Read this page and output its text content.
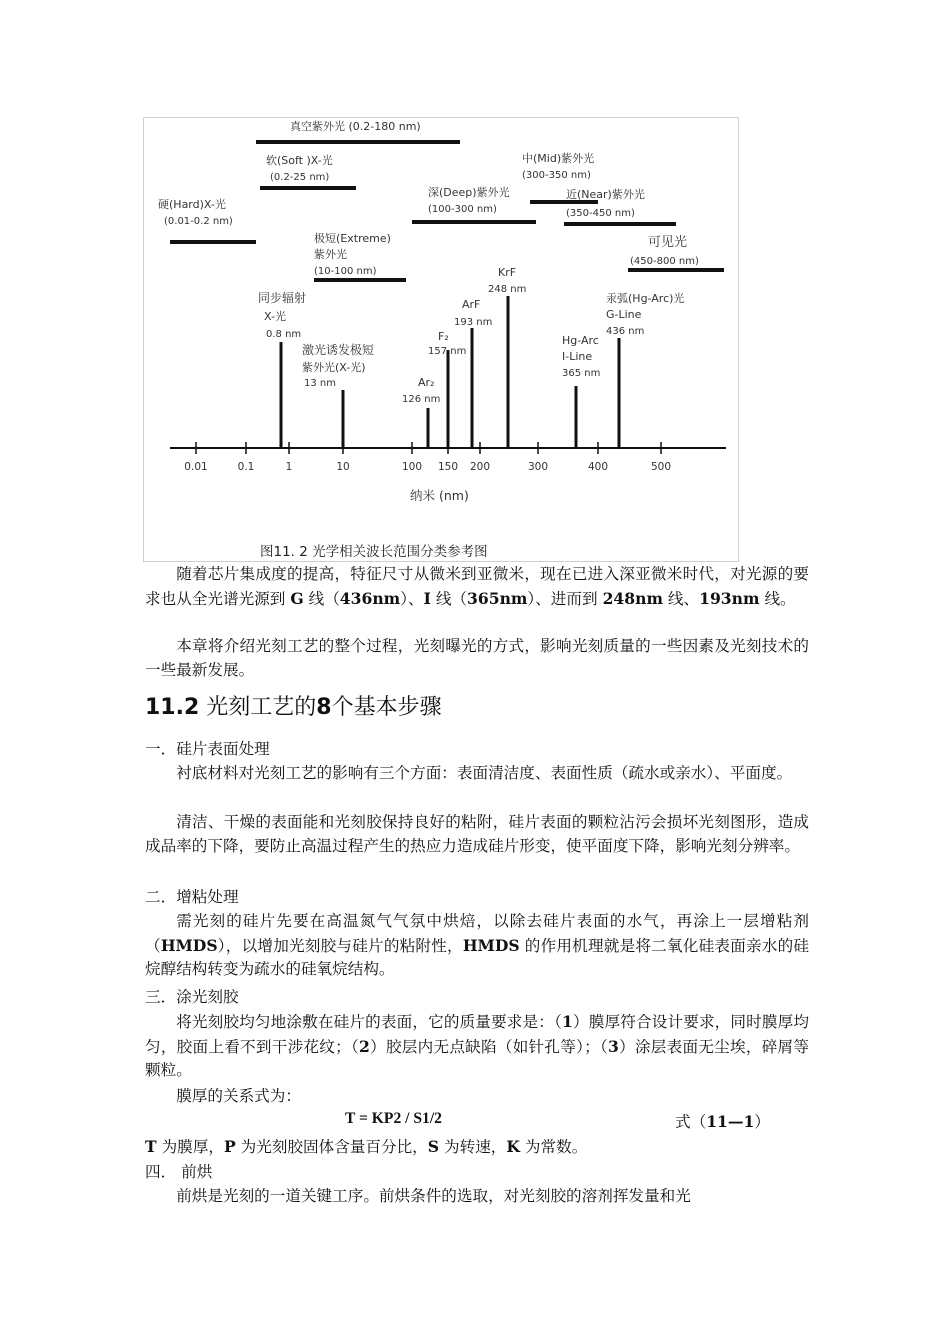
真空紫外光 (0.2-180 nm)
软(Soft )X-光
(0.2-25 nm)
硬(Hard)X-光
(0.01-0.2 nm)
深(Deep)紫外光
(100-300 nm)
中(Mid)紫外光
(300-350 nm)
近(Near)紫外光
(350-450 nm)
极短(Extreme)
紫外光
(10-100 nm)
可见光
(450-800 nm)
同步辐射
X-光
0.8 nm
激光诱发极短
紫外光(X-光)
13 nm	Ar₂
126 nm
F₂
157 nm
ArF
193 nm
KrF
248 nm
Hg-Arc
I-Line
365 nm
汞弧(Hg-Arc)光
G-Line
436 nm
0.01	0.1	1	10	100 150 200	300	400	500
纳米 (nm)
图11. 2 光学相关波长范围分类参考图

随着芯片集成度的提高，特征尺寸从微米到亚微米，现在已进入深亚微米时代，对光源的要求也从全光谱光源到 G 线（436nm）、I 线（365nm）、进而到 248nm 线、193nm 线。

本章将介绍光刻工艺的整个过程，光刻曝光的方式，影响光刻质量的一些因素及光刻技术的一些最新发展。

11.2 光刻工艺的8个基本步骤

一．硅片表面处理

衬底材料对光刻工艺的影响有三个方面：表面清洁度、表面性质（疏水或亲水）、平面度。

清洁、干燥的表面能和光刻胶保持良好的粘附，硅片表面的颗粒沾污会损坏光刻图形，造成成品率的下降，要防止高温过程产生的热应力造成硅片形变，使平面度下降，影响光刻分辨率。

二．增粘处理

需光刻的硅片先要在高温氮气气氛中烘焙，以除去硅片表面的水气，再涂上一层增粘剂（HMDS），以增加光刻胶与硅片的粘附性，HMDS 的作用机理就是将二氧化硅表面亲水的硅烷醇结构转变为疏水的硅氧烷结构。

三．涂光刻胶

将光刻胶均匀地涂敷在硅片的表面，它的质量要求是：（1）膜厚符合设计要求，同时膜厚均匀，胶面上看不到干涉花纹；（2）胶层内无点缺陷（如针孔等）；（3）涂层表面无尘埃，碎屑等颗粒。

膜厚的关系式为：

T = KP2 / S1/2	式（11—1）

T 为膜厚，P 为光刻胶固体含量百分比，S 为转速，K 为常数。

四． 前烘

前烘是光刻的一道关键工序。前烘条件的选取，对光刻胶的溶剂挥发量和光
